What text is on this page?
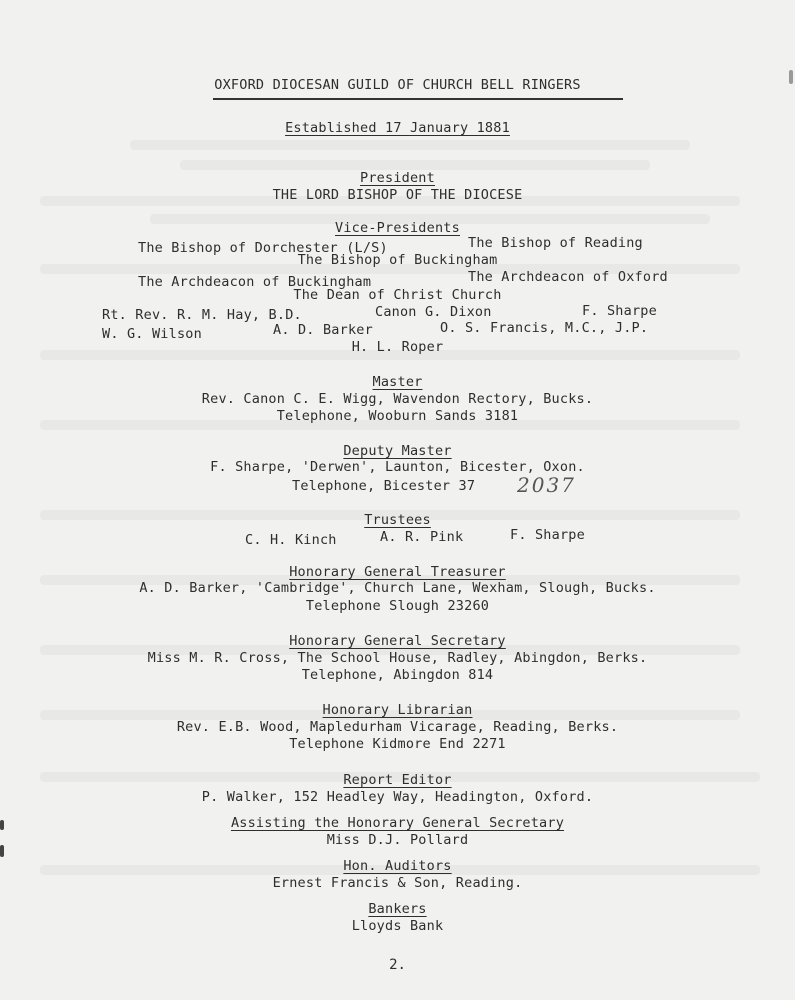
OXFORD DIOCESAN GUILD OF CHURCH BELL RINGERS
Established 17 January 1881
President
THE LORD BISHOP OF THE DIOCESE
Vice-Presidents
The Bishop of Dorchester (L/S)	The Bishop of Reading
The Bishop of Buckingham
The Archdeacon of Buckingham	The Archdeacon of Oxford
The Dean of Christ Church
Rt. Rev. R. M. Hay, B.D.	Canon G. Dixon	F. Sharpe
W. G. Wilson	A. D. Barker	O. S. Francis, M.C., J.P.
H. L. Roper
Master
Rev. Canon C. E. Wigg, Wavendon Rectory, Bucks.
Telephone, Wooburn Sands 3181
Deputy Master
F. Sharpe, 'Derwen', Launton, Bicester, Oxon.
Telephone, Bicester 37 2037
Trustees
C. H. Kinch	A. R. Pink	F. Sharpe
Honorary General Treasurer
A. D. Barker, 'Cambridge', Church Lane, Wexham, Slough, Bucks.
Telephone Slough 23260
Honorary General Secretary
Miss M. R. Cross, The School House, Radley, Abingdon, Berks.
Telephone, Abingdon 814
Honorary Librarian
Rev. E.B. Wood, Mapledurham Vicarage, Reading, Berks.
Telephone Kidmore End 2271
Report Editor
P. Walker, 152 Headley Way, Headington, Oxford.
Assisting the Honorary General Secretary
Miss D.J. Pollard
Hon. Auditors
Ernest Francis & Son, Reading.
Bankers
Lloyds Bank
2.
